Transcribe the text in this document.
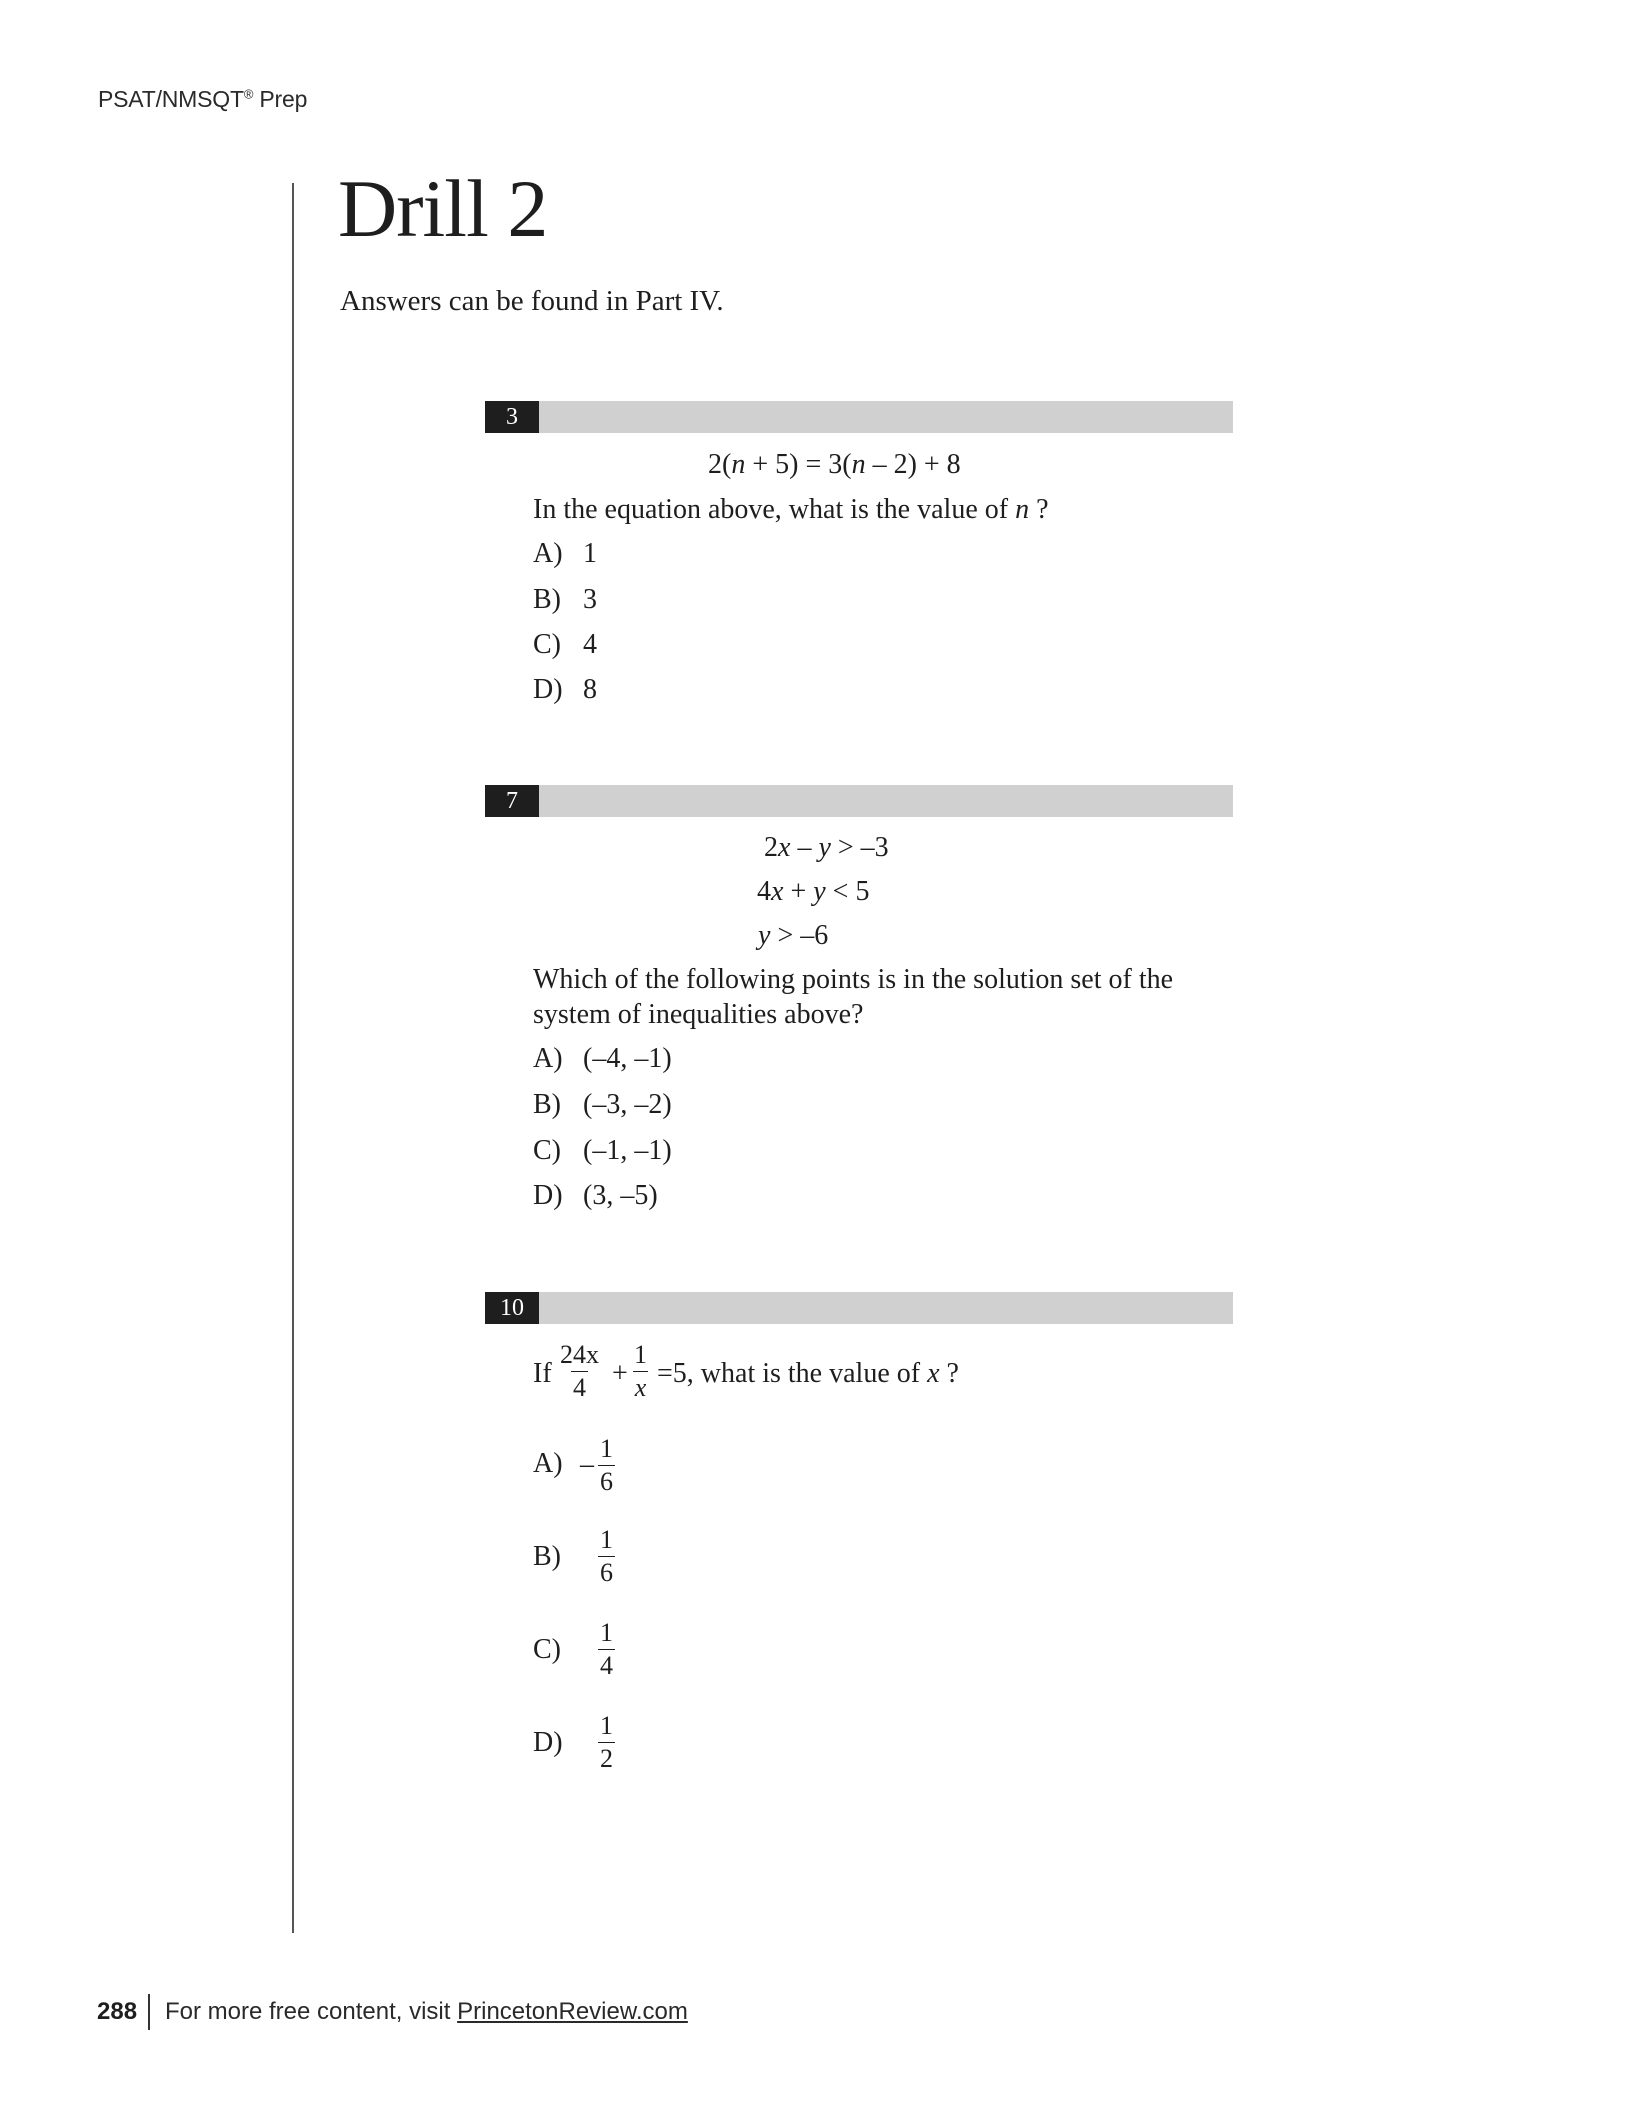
PSAT/NMSQT® Prep
Drill 2
Answers can be found in Part IV.
3
2(n + 5) = 3(n – 2) + 8
In the equation above, what is the value of n ?
A) 1
B) 3
C) 4
D) 8
7
2x – y > –3
4x + y < 5
y > –6
Which of the following points is in the solution set of the
system of inequalities above?
A) (–4, –1)
B) (–3, –2)
C) (–1, –1)
D) (3, –5)
10
If $\frac{24x}{4} + \frac{1}{x} =5$, what is the value of x ?
$A) - \frac{1}{6}$
$B) \frac{1}{6}$
$C) \frac{1}{4}$
$D) \frac{1}{2}$
288 For more free content, visit PrincetonReview.com
